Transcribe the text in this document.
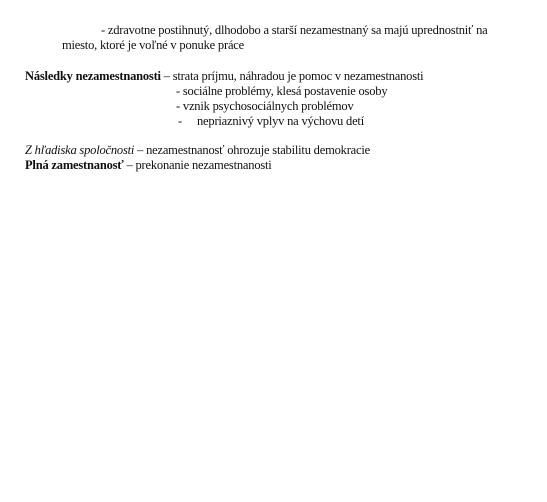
- zdravotne postihnutý, dlhodobo a starší nezamestnaný sa majú uprednostniť na
miesto, ktoré je voľné v ponuke práce
Následky nezamestnanosti – strata príjmu, náhradou je pomoc v nezamestnanosti
- sociálne problémy, klesá postavenie osoby
- vznik psychosociálnych problémov
- nepriaznivý vplyv na výchovu detí
Z hľadiska spoločnosti – nezamestnanosť ohrozuje stabilitu demokracie
Plná zamestnanosť – prekonanie nezamestnanosti
